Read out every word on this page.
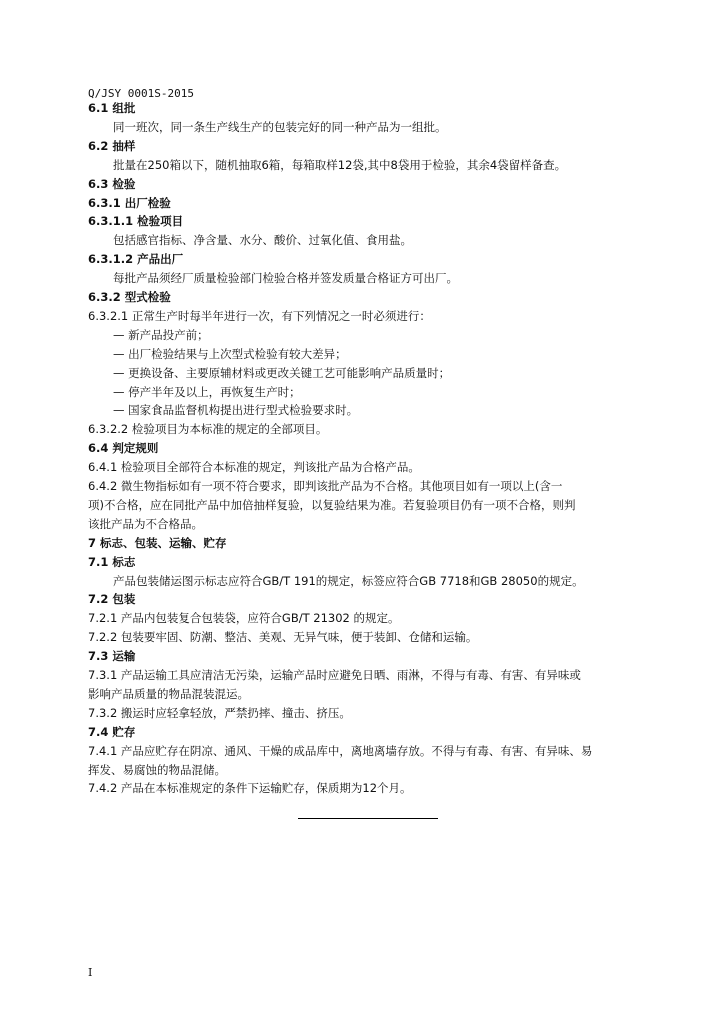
Q/JSY 0001S-2015
6.1 组批
同一班次，同一条生产线生产的包装完好的同一种产品为一组批。
6.2 抽样
批量在250箱以下，随机抽取6箱，每箱取样12袋,其中8袋用于检验，其余4袋留样备查。
6.3 检验
6.3.1 出厂检验
6.3.1.1 检验项目
包括感官指标、净含量、水分、酸价、过氧化值、食用盐。
6.3.1.2 产品出厂
每批产品须经厂质量检验部门检验合格并签发质量合格证方可出厂。
6.3.2 型式检验
6.3.2.1 正常生产时每半年进行一次，有下列情况之一时必须进行：
— 新产品投产前；
— 出厂检验结果与上次型式检验有较大差异；
— 更换设备、主要原辅材料或更改关键工艺可能影响产品质量时；
— 停产半年及以上，再恢复生产时；
— 国家食品监督机构提出进行型式检验要求时。
6.3.2.2 检验项目为本标准的规定的全部项目。
6.4 判定规则
6.4.1 检验项目全部符合本标准的规定，判该批产品为合格产品。
6.4.2 微生物指标如有一项不符合要求，即判该批产品为不合格。其他项目如有一项以上(含一
项)不合格，应在同批产品中加倍抽样复验，以复验结果为准。若复验项目仍有一项不合格，则判
该批产品为不合格品。
7 标志、包装、运输、贮存
7.1 标志
产品包装储运图示标志应符合GB/T 191的规定，标签应符合GB 7718和GB 28050的规定。
7.2 包装
7.2.1 产品内包装复合包装袋，应符合GB/T 21302 的规定。
7.2.2 包装要牢固、防潮、整洁、美观、无异气味，便于装卸、仓储和运输。
7.3 运输
7.3.1 产品运输工具应清洁无污染，运输产品时应避免日晒、雨淋，不得与有毒、有害、有异味或
影响产品质量的物品混装混运。
7.3.2 搬运时应轻拿轻放，严禁扔摔、撞击、挤压。
7.4 贮存
7.4.1 产品应贮存在阴凉、通风、干燥的成品库中，离地离墙存放。不得与有毒、有害、有异味、易
挥发、易腐蚀的物品混储。
7.4.2 产品在本标准规定的条件下运输贮存，保质期为12个月。
I
